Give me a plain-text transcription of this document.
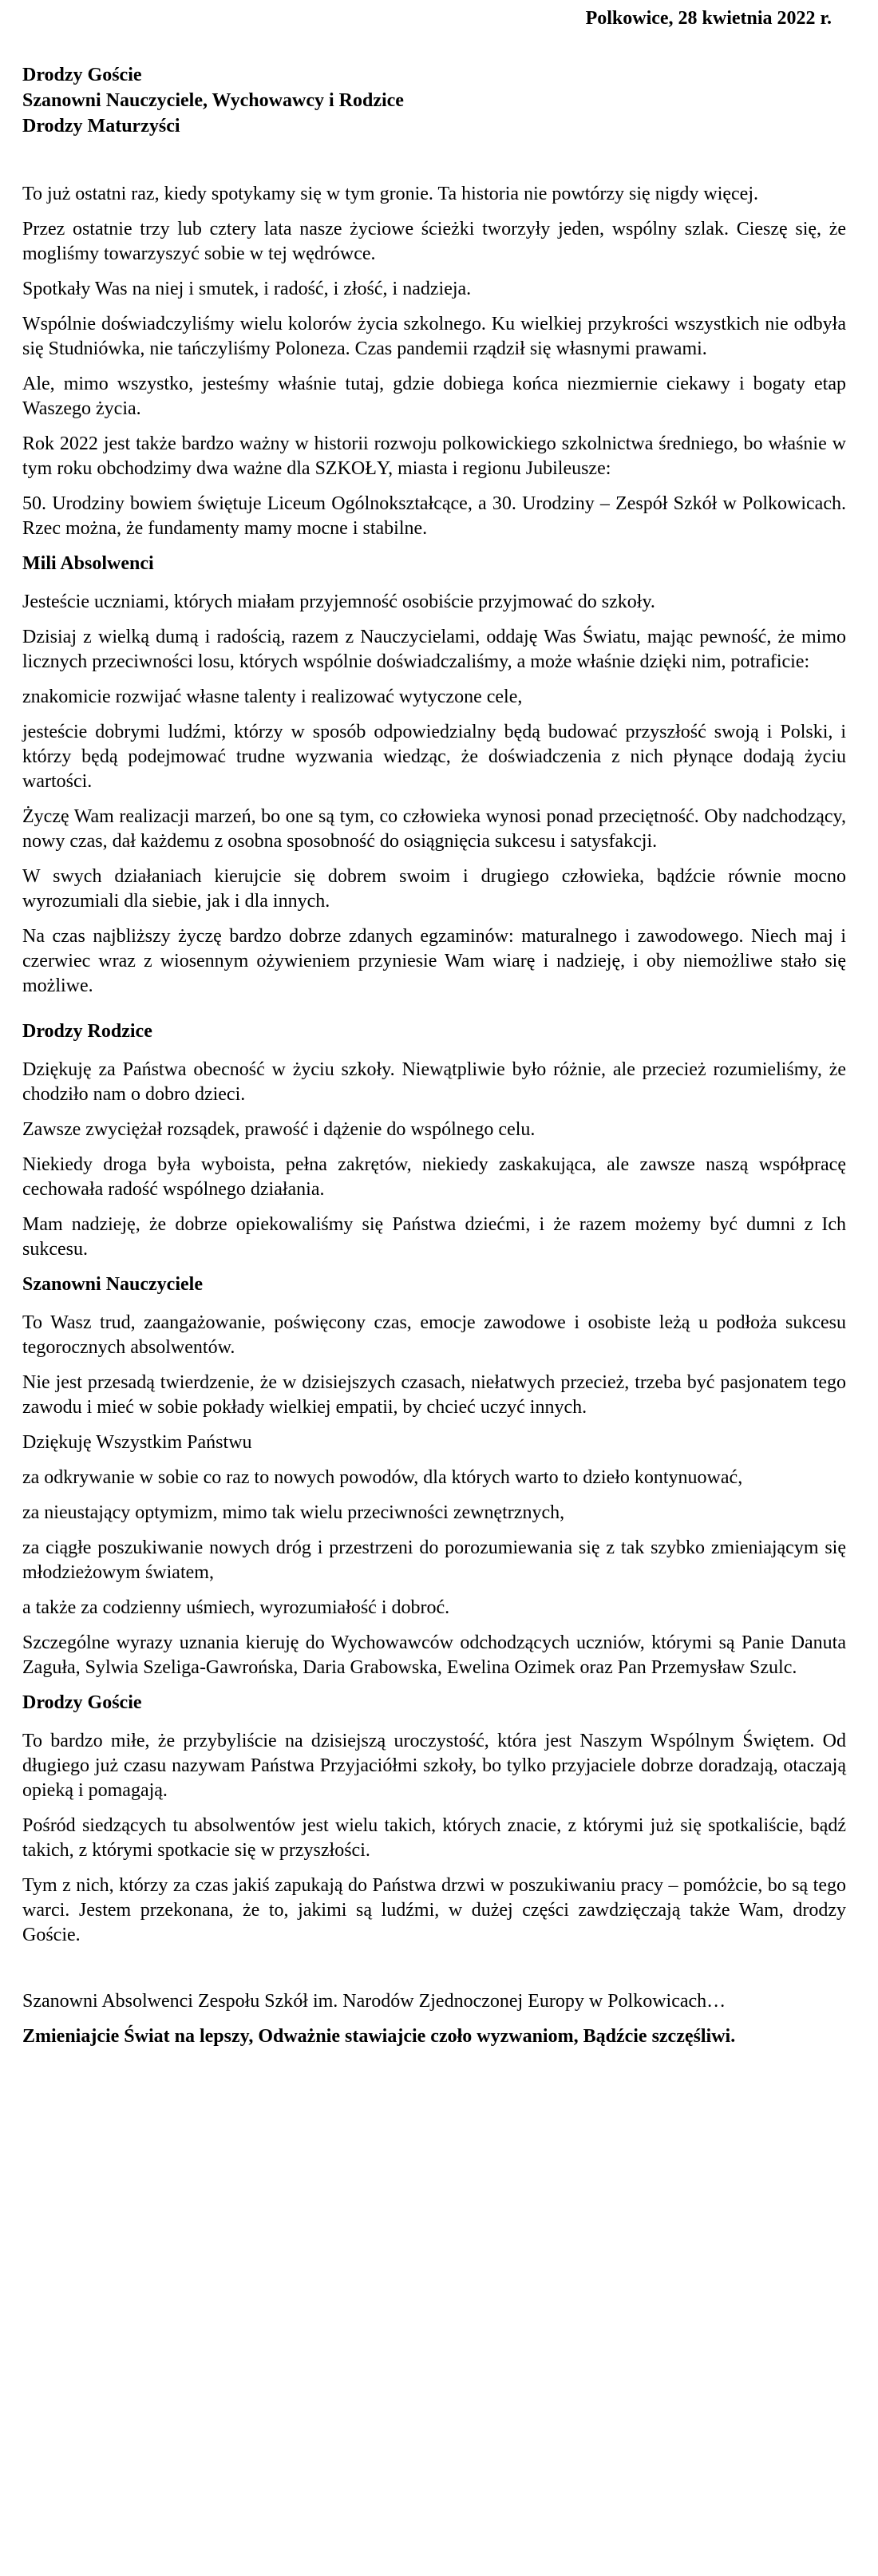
Polkowice, 28 kwietnia 2022 r.
Drodzy Goście
Szanowni Nauczyciele, Wychowawcy i Rodzice
Drodzy Maturzyści

To już ostatni raz, kiedy spotykamy się w tym gronie. Ta historia nie powtórzy się nigdy więcej.

Przez ostatnie trzy lub cztery lata nasze życiowe ścieżki tworzyły jeden, wspólny szlak. Cieszę się, że mogliśmy towarzyszyć sobie w tej wędrówce.

Spotkały Was na niej i smutek, i radość, i złość, i nadzieja.

Wspólnie doświadczyliśmy wielu kolorów życia szkolnego. Ku wielkiej przykrości wszystkich nie odbyła się Studniówka, nie tańczyliśmy Poloneza. Czas pandemii rządził się własnymi prawami.

Ale, mimo wszystko, jesteśmy właśnie tutaj, gdzie dobiega końca niezmiernie ciekawy i bogaty etap Waszego życia.

Rok 2022 jest także bardzo ważny w historii rozwoju polkowickiego szkolnictwa średniego, bo właśnie w tym roku obchodzimy dwa ważne dla SZKOŁY, miasta i regionu Jubileusze:

50. Urodziny bowiem świętuje Liceum Ogólnokształcące, a 30. Urodziny – Zespół Szkół w Polkowicach. Rzec można, że fundamenty mamy mocne i stabilne.

Mili Absolwenci

Jesteście uczniami, których miałam przyjemność osobiście przyjmować do szkoły.

Dzisiaj z wielką dumą i radością, razem z Nauczycielami, oddaję Was Światu, mając pewność, że mimo licznych przeciwności losu, których wspólnie doświadczaliśmy, a może właśnie dzięki nim, potraficie:

znakomicie rozwijać własne talenty i realizować wytyczone cele,

jesteście dobrymi ludźmi, którzy w sposób odpowiedzialny będą budować przyszłość swoją i Polski, i którzy będą podejmować trudne wyzwania wiedząc, że doświadczenia z nich płynące dodają życiu wartości.

Życzę Wam realizacji marzeń, bo one są tym, co człowieka wynosi ponad przeciętność. Oby nadchodzący, nowy czas, dał każdemu z osobna sposobność do osiągnięcia sukcesu i satysfakcji.

W swych działaniach kierujcie się dobrem swoim i drugiego człowieka, bądźcie równie mocno wyrozumiali dla siebie, jak i dla innych.

Na czas najbliższy życzę bardzo dobrze zdanych egzaminów: maturalnego i zawodowego. Niech maj i czerwiec wraz z wiosennym ożywieniem przyniesie Wam wiarę i nadzieję, i oby niemożliwe stało się możliwe.

Drodzy Rodzice

Dziękuję za Państwa obecność w życiu szkoły. Niewątpliwie było różnie, ale przecież rozumieliśmy, że chodziło nam o dobro dzieci.

Zawsze zwyciężał rozsądek, prawość i dążenie do wspólnego celu.

Niekiedy droga była wyboista, pełna zakrętów, niekiedy zaskakująca, ale zawsze naszą współpracę cechowała radość wspólnego działania.

Mam nadzieję, że dobrze opiekowaliśmy się Państwa dziećmi, i że razem możemy być dumni z Ich sukcesu.

Szanowni Nauczyciele

To Wasz trud, zaangażowanie, poświęcony czas, emocje zawodowe i osobiste leżą u podłoża sukcesu tegorocznych absolwentów.

Nie jest przesadą twierdzenie, że w dzisiejszych czasach, niełatwych przecież, trzeba być pasjonatem tego zawodu i mieć w sobie pokłady wielkiej empatii, by chcieć uczyć innych.

Dziękuję Wszystkim Państwu

za odkrywanie w sobie co raz to nowych powodów, dla których warto to dzieło kontynuować,

za nieustający optymizm, mimo tak wielu przeciwności zewnętrznych,

za ciągłe poszukiwanie nowych dróg i przestrzeni do porozumiewania się z tak szybko zmieniającym się młodzieżowym światem,

a także za codzienny uśmiech, wyrozumiałość i dobroć.

Szczególne wyrazy uznania kieruję do Wychowawców odchodzących uczniów, którymi są Panie Danuta Zaguła, Sylwia Szeliga-Gawrońska, Daria Grabowska, Ewelina Ozimek oraz Pan Przemysław Szulc.

Drodzy Goście

To bardzo miłe, że przybyliście na dzisiejszą uroczystość, która jest Naszym Wspólnym Świętem. Od długiego już czasu nazywam Państwa Przyjaciółmi szkoły, bo tylko przyjaciele dobrze doradzają, otaczają opieką i pomagają.

Pośród siedzących tu absolwentów jest wielu takich, których znacie, z którymi już się spotkaliście, bądź takich, z którymi spotkacie się w przyszłości.

Tym z nich, którzy za czas jakiś zapukają do Państwa drzwi w poszukiwaniu pracy – pomóżcie, bo są tego warci. Jestem przekonana, że to, jakimi są ludźmi, w dużej części zawdzięczają także Wam, drodzy Goście.

Szanowni Absolwenci Zespołu Szkół im. Narodów Zjednoczonej Europy w Polkowicach…

Zmieniajcie Świat na lepszy, Odważnie stawiajcie czoło wyzwaniom, Bądźcie szczęśliwi.
